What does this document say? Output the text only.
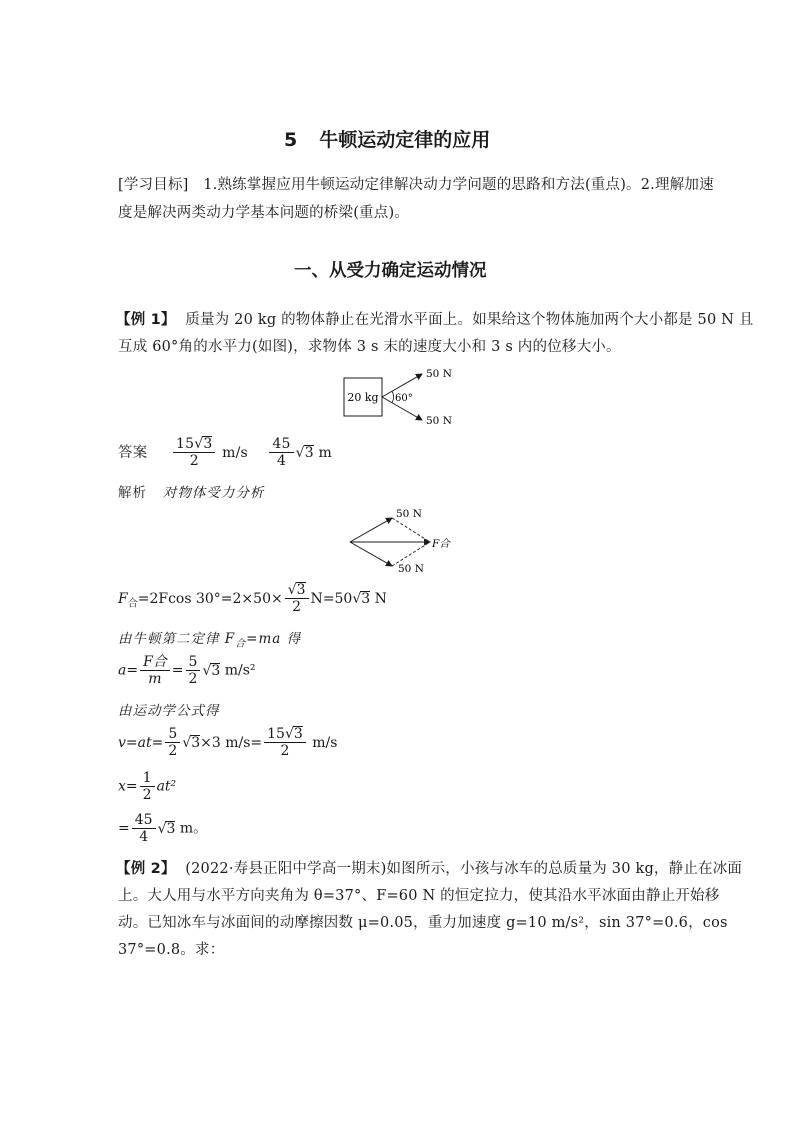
5 牛顿运动定律的应用
[学习目标]　1.熟练掌握应用牛顿运动定律解决动力学问题的思路和方法(重点)。2.理解加速
度是解决两类动力学基本问题的桥梁(重点)。
一、从受力确定运动情况
【例 1】 质量为 20 kg 的物体静止在光滑水平面上。如果给这个物体施加两个大小都是 50 N 且
互成 60°角的水平力(如图)，求物体 3 s 末的速度大小和 3 s 内的位移大小。
20 kg 60°
50 N
50 N
答案 $\frac{15√3}{2} m/s \frac{45}{4} √3$ m
解析 对物体受力分析
50 N
50 N
F合
$F_合=2Fcos$ $30^\circ=2\times 50\times \frac{√3}{2} N=50√3$ N
由牛顿第二定律 $F_合=ma$ 得
$a= \frac{\text{F合}}{m} = \frac{5}{2} √3$ m/s²
由运动学公式得
$v=at= \frac{5}{2} √3\times 3$ $m/s= \frac{15√3}{2} m/s$
$x= \frac{1}{2} at^2$
= $\frac{45}{4} √3$ m。
【例 2】 (2022·寿县正阳中学高一期末)如图所示，小孩与冰车的总质量为 30 kg，静止在冰面
上。大人用与水平方向夹角为 θ=37°、F=60 N 的恒定拉力，使其沿水平冰面由静止开始移
动。已知冰车与冰面间的动摩擦因数 μ=0.05，重力加速度 g=10 m/s²，sin 37°=0.6，cos
37°=0.8。求：
